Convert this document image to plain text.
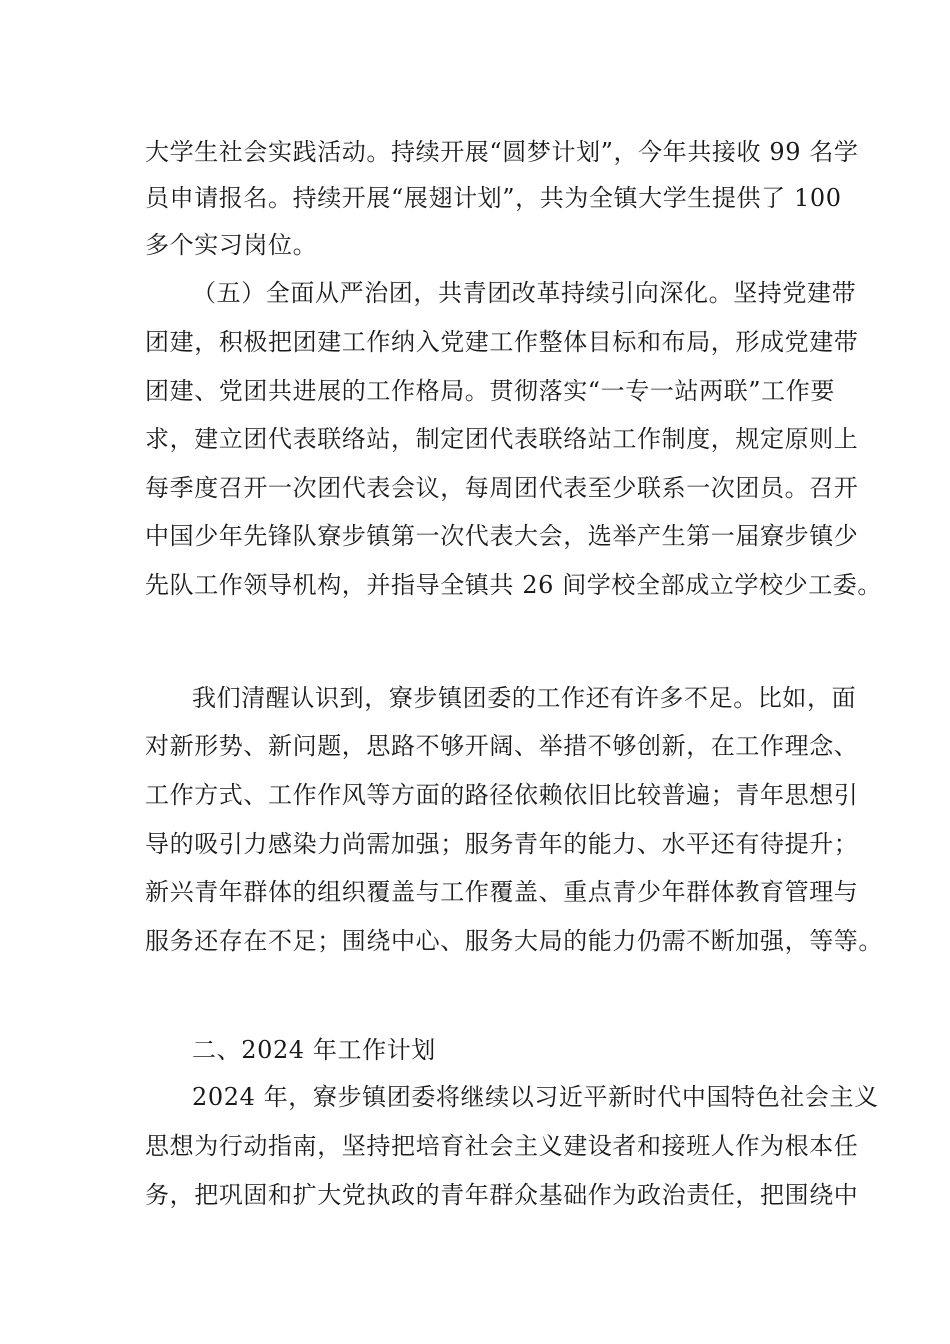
大学生社会实践活动。持续开展“圆梦计划”，今年共接收 99 名学
员申请报名。持续开展“展翅计划”，共为全镇大学生提供了 100
多个实习岗位。
（五）全面从严治团，共青团改革持续引向深化。坚持党建带
团建，积极把团建工作纳入党建工作整体目标和布局，形成党建带
团建、党团共进展的工作格局。贯彻落实“一专一站两联”工作要
求，建立团代表联络站，制定团代表联络站工作制度，规定原则上
每季度召开一次团代表会议，每周团代表至少联系一次团员。召开
中国少年先锋队寮步镇第一次代表大会，选举产生第一届寮步镇少
先队工作领导机构，并指导全镇共 26 间学校全部成立学校少工委。
我们清醒认识到，寮步镇团委的工作还有许多不足。比如，面
对新形势、新问题，思路不够开阔、举措不够创新，在工作理念、
工作方式、工作作风等方面的路径依赖依旧比较普遍；青年思想引
导的吸引力感染力尚需加强；服务青年的能力、水平还有待提升；
新兴青年群体的组织覆盖与工作覆盖、重点青少年群体教育管理与
服务还存在不足；围绕中心、服务大局的能力仍需不断加强，等等。
二、2024 年工作计划
2024 年，寮步镇团委将继续以习近平新时代中国特色社会主义
思想为行动指南，坚持把培育社会主义建设者和接班人作为根本任
务，把巩固和扩大党执政的青年群众基础作为政治责任，把围绕中
